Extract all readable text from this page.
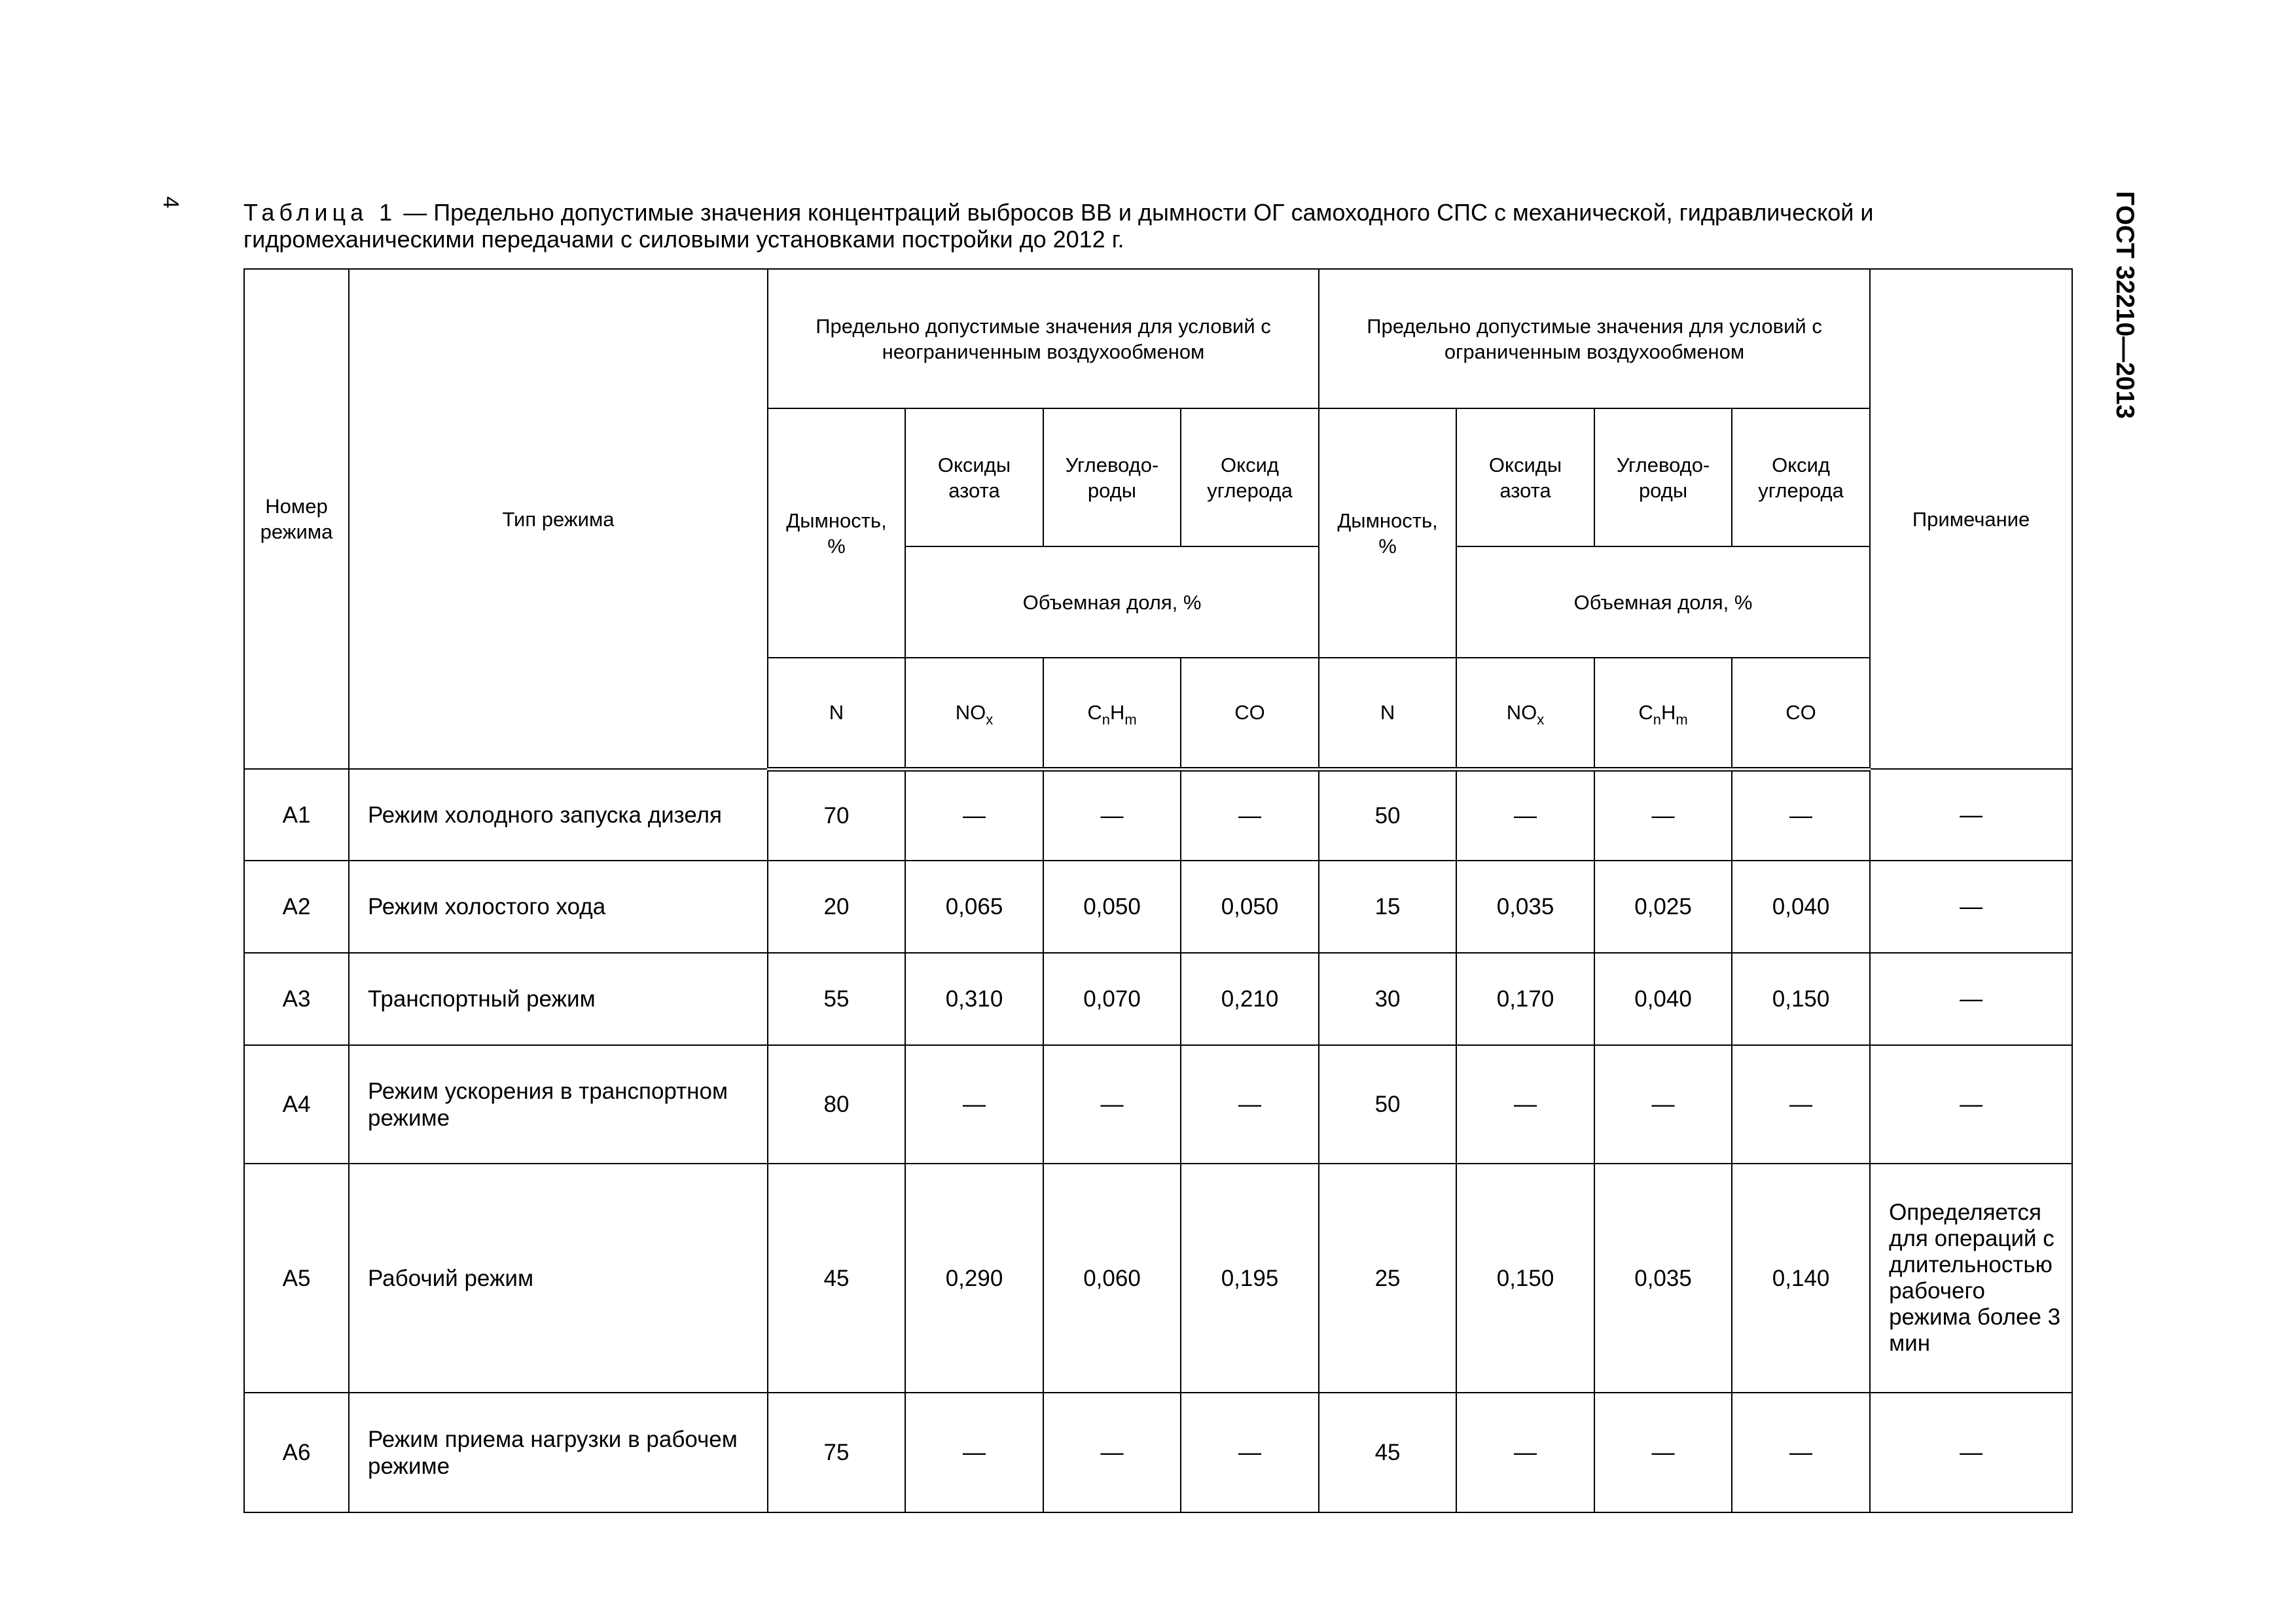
4	ГОСТ 32210—2013
Таблица 1 — Предельно допустимые значения концентраций выбросов ВВ и дымности ОГ самоходного СПС с механической, гидравлической и гидромеханическими передачами с силовыми установками постройки до 2012 г.
Номер режима	Тип режима	Предельно допустимые значения для условий с неограниченным воздухообменом				Предельно допустимые значения для условий с ограниченным воздухообменом				Примечание
		Дымность, %	Оксиды азота	Углеводо-роды	Оксид углерода	Дымность, %	Оксиды азота	Углеводо-роды	Оксид углерода	
			Объемная доля, %				Объемная доля, %			
		N	$NO_x$	$C_nH_m$	CO	N	$NO_x$	$C_nH_m$	CO	
А1	Режим холодного запуска дизеля	70	—	—	—	50	—	—	—	—
А2	Режим холостого хода	20	0,065	0,050	0,050	15	0,035	0,025	0,040	—
А3	Транспортный режим	55	0,310	0,070	0,210	30	0,170	0,040	0,150	—
А4	Режим ускорения в транспортном режиме	80	—	—	—	50	—	—	—	—
А5	Рабочий режим	45	0,290	0,060	0,195	25	0,150	0,035	0,140	Определяется для операций с длительностью рабочего режима более 3 мин
А6	Режим приема нагрузки в рабочем режиме	75	—	—	—	45	—	—	—	—
